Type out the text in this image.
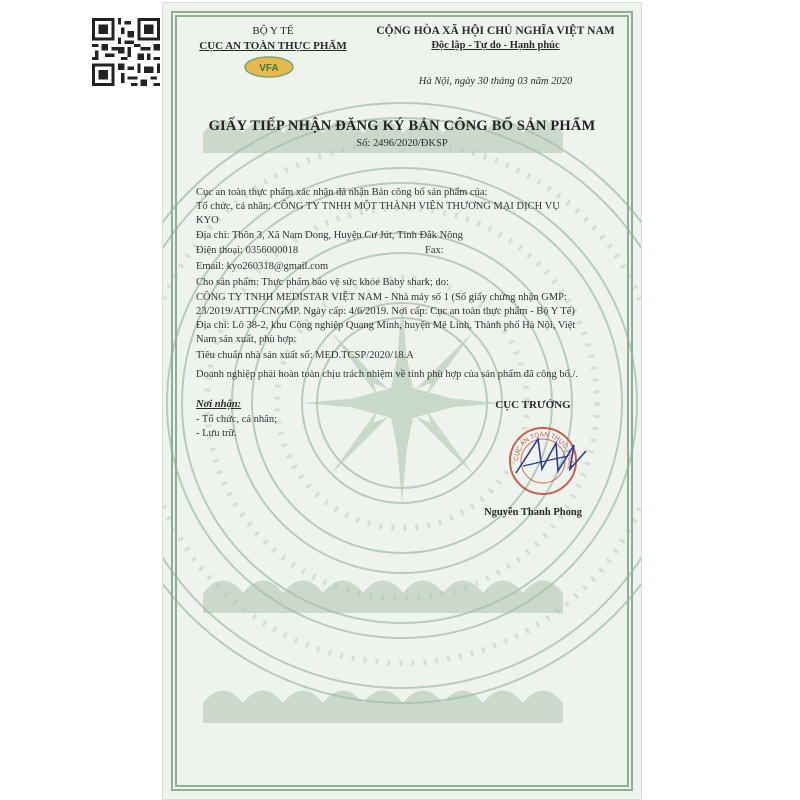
BỘ Y TẾ
CỤC AN TOÀN THỰC PHẨM
VFA
CỘNG HÒA XÃ HỘI CHỦ NGHĨA VIỆT NAM
Độc lập - Tự do - Hạnh phúc
Hà Nội, ngày 30 tháng 03 năm 2020
GIẤY TIẾP NHẬN ĐĂNG KÝ BẢN CÔNG BỐ SẢN PHẨM
Số: 2496/2020/ĐKSP
Cục an toàn thực phẩm xác nhận đã nhận Bản công bố sản phẩm của:
Tổ chức, cá nhân: CÔNG TY TNHH MỘT THÀNH VIÊN THƯƠNG MẠI DỊCH VỤ
KYO
Địa chỉ: Thôn 3, Xã Nam Dong, Huyện Cư Jút, Tỉnh Đắk Nông
Điện thoại: 0356000018	Fax:
Email: kyo260318@gmail.com
Cho sản phẩm: Thực phẩm bảo vệ sức khỏe Baby shark; do:
CÔNG TY TNHH MEDISTAR VIỆT NAM - Nhà máy số 1 (Số giấy chứng nhận GMP:
23/2019/ATTP-CNGMP. Ngày cấp: 4/6/2019. Nơi cấp: Cục an toàn thực phẩm - Bộ Y Tế)
Địa chỉ: Lô 38-2, khu Công nghiệp Quang Minh, huyện Mê Linh, Thành phố Hà Nội, Việt
Nam sản xuất, phù hợp:
Tiêu chuẩn nhà sản xuất số: MED.TCSP/2020/18.A
Doanh nghiệp phải hoàn toàn chịu trách nhiệm về tính phù hợp của sản phẩm đã công bố./.
Nơi nhận:
- Tổ chức, cá nhân;
- Lưu trữ.
CỤC TRƯỞNG
CỤC AN TOÀN THỰC PHẨM
Nguyễn Thanh Phong
